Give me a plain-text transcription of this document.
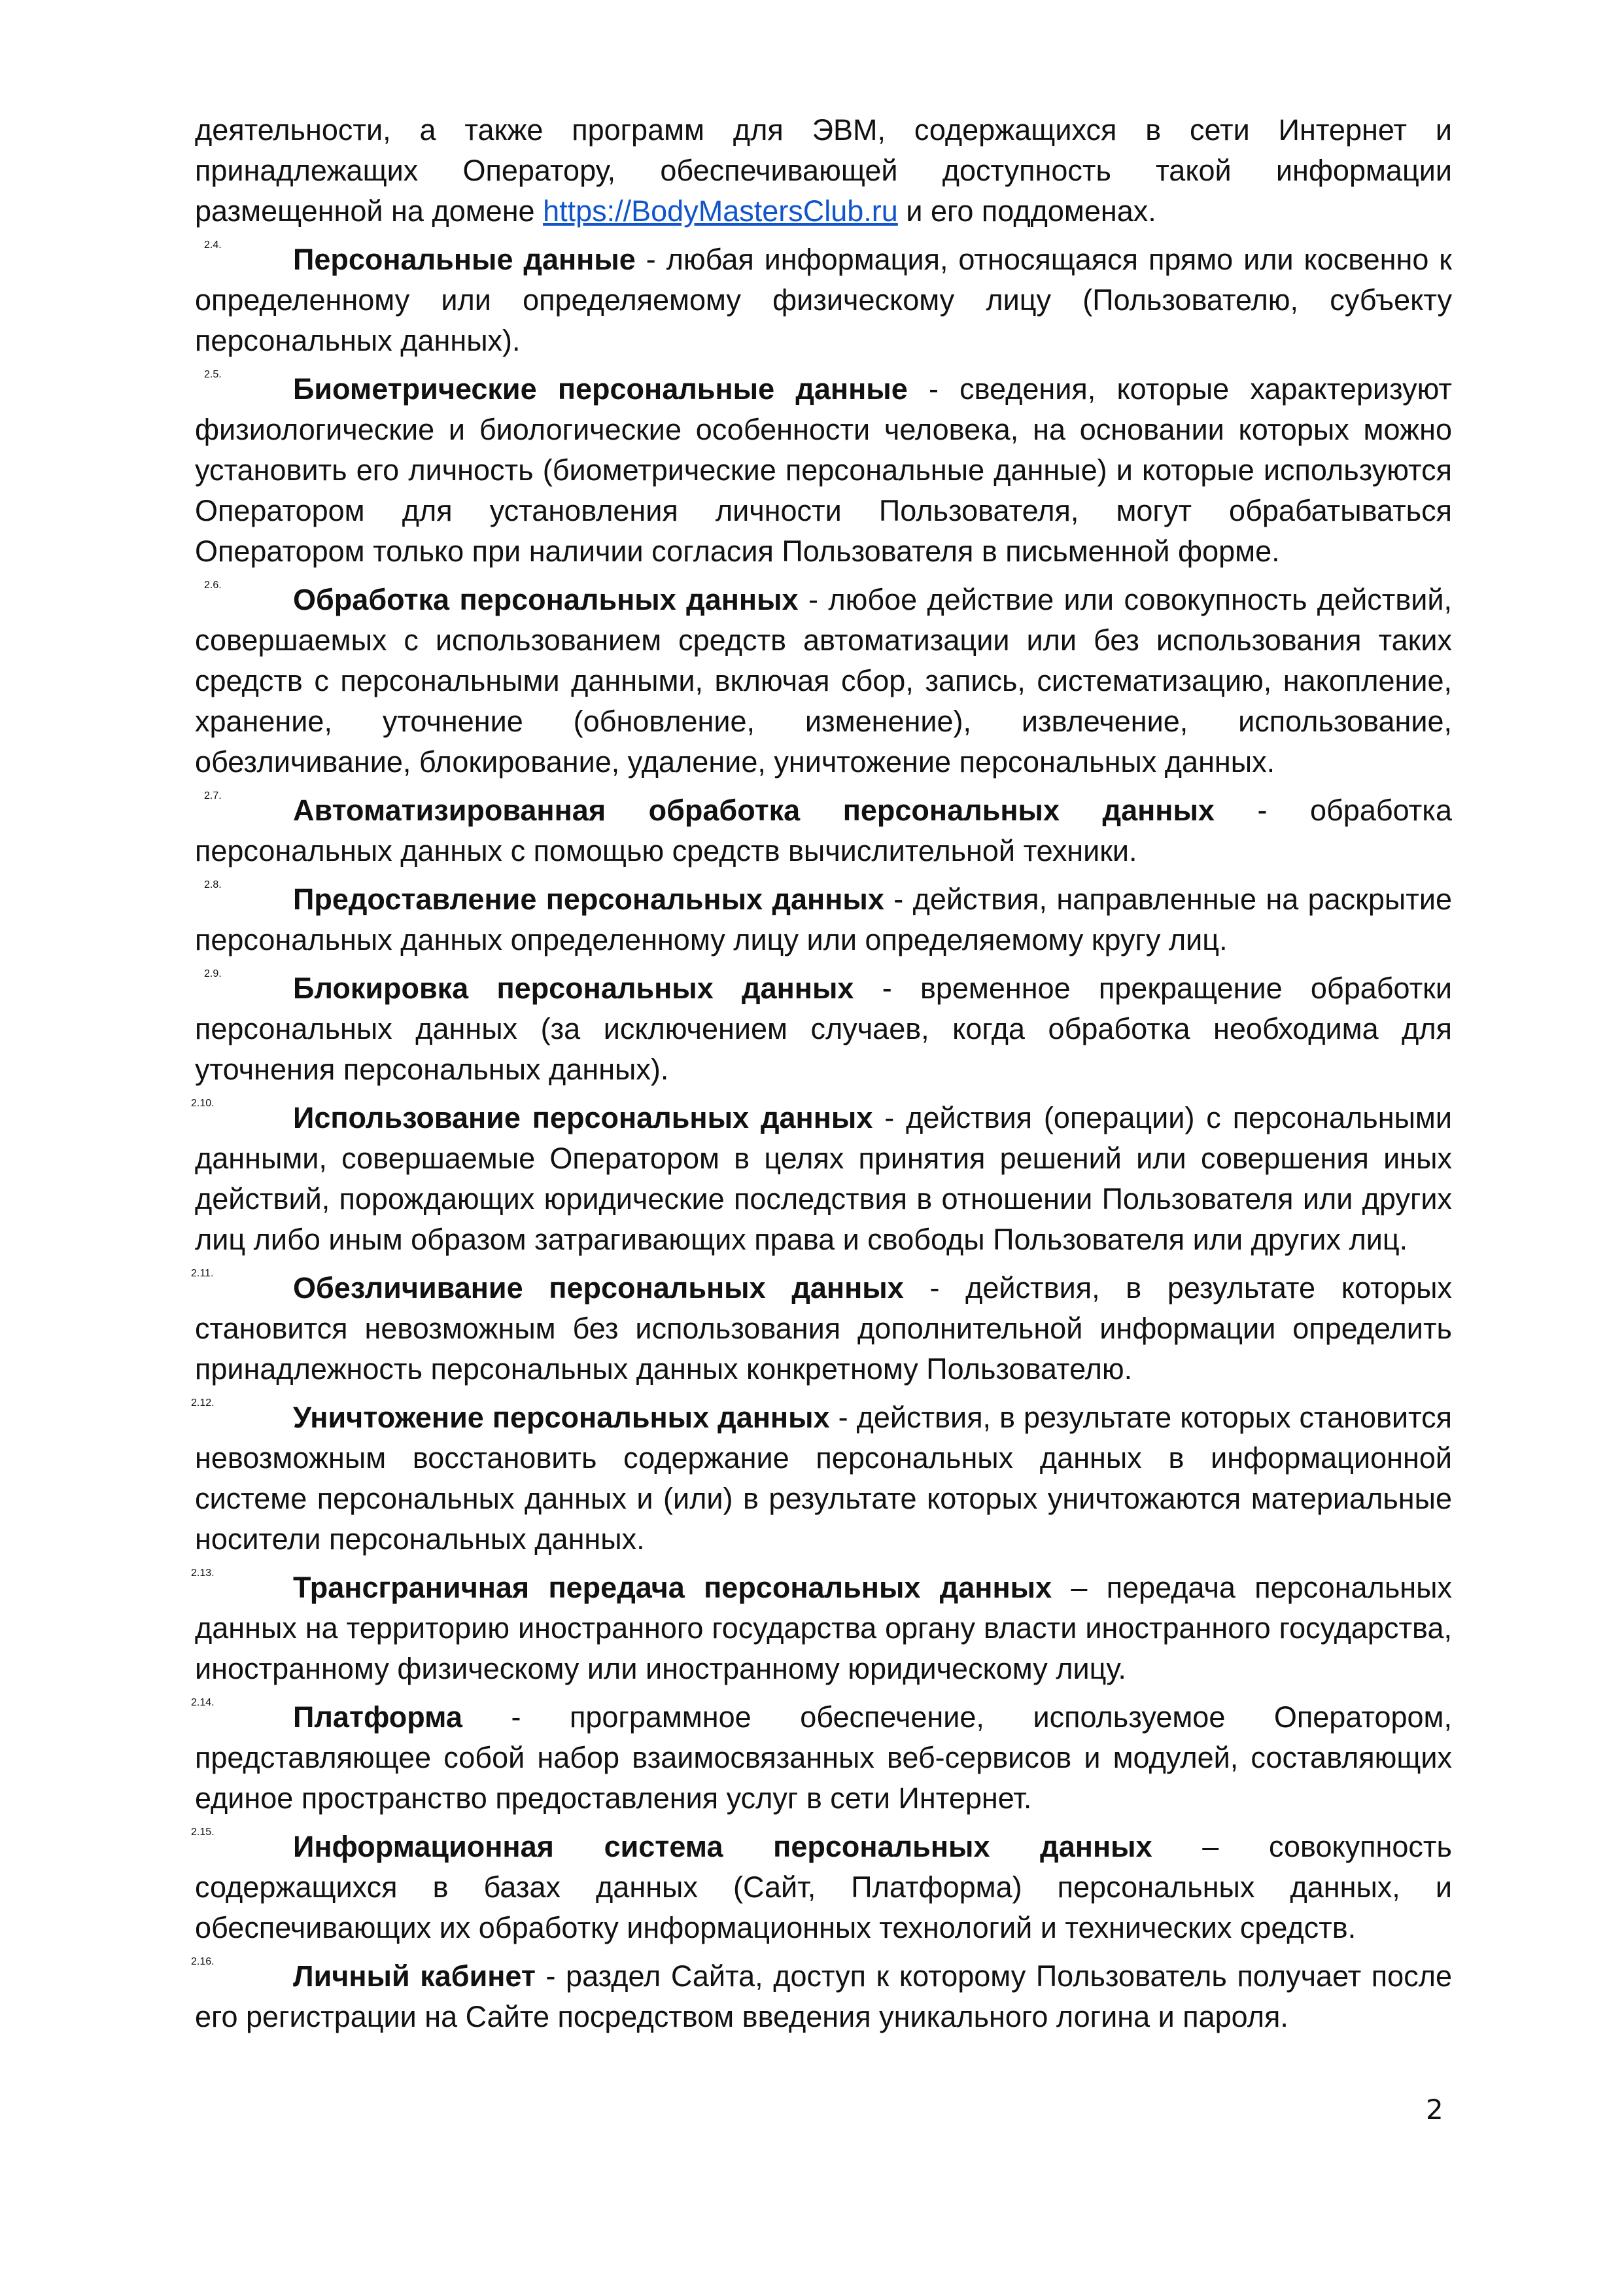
деятельности, а также программ для ЭВМ, содержащихся в сети Интернет и принадлежащих Оператору, обеспечивающей доступность такой информации размещенной на домене https://BodyMastersClub.ru и его поддоменах.

2.4.	Персональные данные - любая информация, относящаяся прямо или косвенно к определенному или определяемому физическому лицу (Пользователю, субъекту персональных данных).

2.5.	Биометрические персональные данные - сведения, которые характеризуют физиологические и биологические особенности человека, на основании которых можно установить его личность (биометрические персональные данные) и которые используются Оператором для установления личности Пользователя, могут обрабатываться Оператором только при наличии согласия Пользователя в письменной форме.

2.6.	Обработка персональных данных - любое действие или совокупность действий, совершаемых с использованием средств автоматизации или без использования таких средств с персональными данными, включая сбор, запись, систематизацию, накопление, хранение, уточнение (обновление, изменение), извлечение, использование, обезличивание, блокирование, удаление, уничтожение персональных данных.

2.7.	Автоматизированная обработка персональных данных - обработка персональных данных с помощью средств вычислительной техники.

2.8.	Предоставление персональных данных - действия, направленные на раскрытие персональных данных определенному лицу или определяемому кругу лиц.

2.9.	Блокировка персональных данных - временное прекращение обработки персональных данных (за исключением случаев, когда обработка необходима для уточнения персональных данных).

2.10.	Использование персональных данных - действия (операции) с персональными данными, совершаемые Оператором в целях принятия решений или совершения иных действий, порождающих юридические последствия в отношении Пользователя или других лиц либо иным образом затрагивающих права и свободы Пользователя или других лиц.

2.11.	Обезличивание персональных данных - действия, в результате которых становится невозможным без использования дополнительной информации определить принадлежность персональных данных конкретному Пользователю.

2.12.	Уничтожение персональных данных - действия, в результате которых становится невозможным восстановить содержание персональных данных в информационной системе персональных данных и (или) в результате которых уничтожаются материальные носители персональных данных.

2.13.	Трансграничная передача персональных данных – передача персональных данных на территорию иностранного государства органу власти иностранного государства, иностранному физическому или иностранному юридическому лицу.

2.14.	Платформа - программное обеспечение, используемое Оператором, представляющее собой набор взаимосвязанных веб-сервисов и модулей, составляющих единое пространство предоставления услуг в сети Интернет.

2.15.	Информационная система персональных данных – совокупность содержащихся в базах данных (Сайт, Платформа) персональных данных, и обеспечивающих их обработку информационных технологий и технических средств.

2.16.	Личный кабинет - раздел Сайта, доступ к которому Пользователь получает после его регистрации на Сайте посредством введения уникального логина и пароля.

2
